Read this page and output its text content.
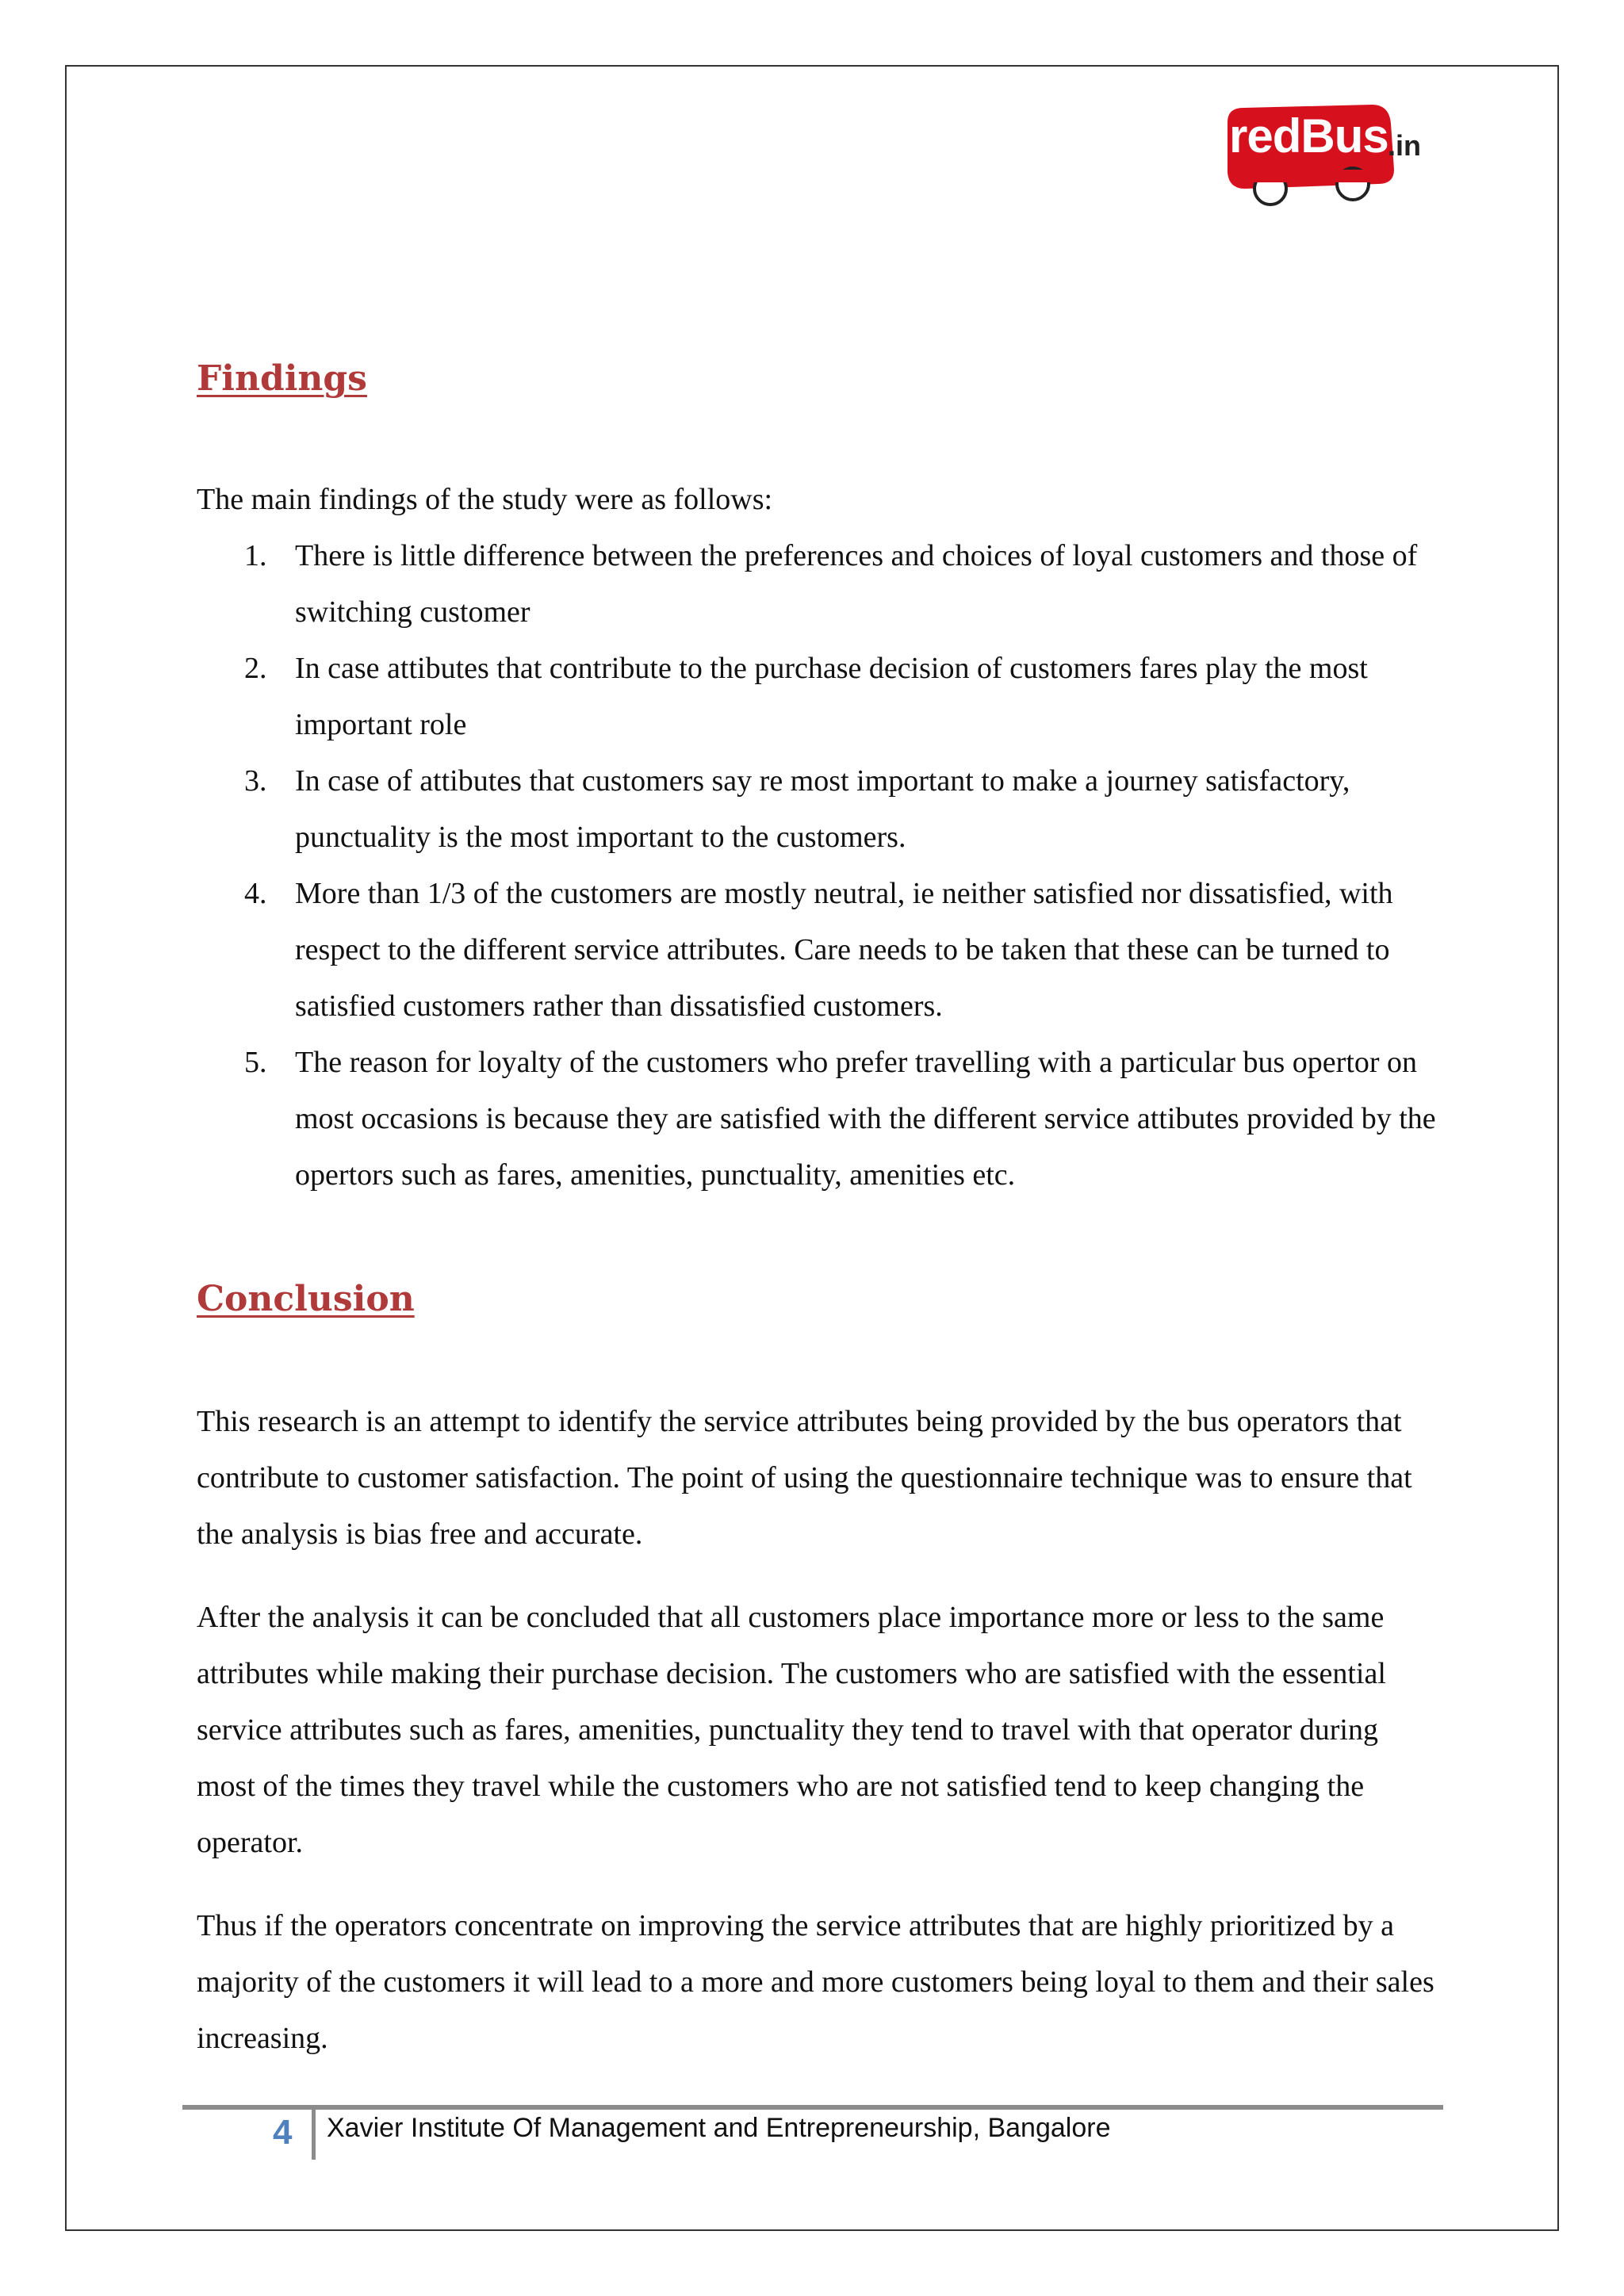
redBus .in
Findings

The main findings of the study were as follows:

1. There is little difference between the preferences and choices of loyal customers and those of switching customer
2. In case attibutes that contribute to the purchase decision of customers fares play the most important role
3. In case of attibutes that customers say re most important to make a journey satisfactory, punctuality is the most important to the customers.
4. More than 1/3 of the customers are mostly neutral, ie neither satisfied nor dissatisfied, with respect to the different service attributes. Care needs to be taken that these can be turned to satisfied customers rather than dissatisfied customers.
5. The reason for loyalty of the customers who prefer travelling with a particular bus opertor on most occasions is because they are satisfied with the different service attibutes provided by the opertors such as fares, amenities, punctuality, amenities etc.
Conclusion

This research is an attempt to identify the service attributes being provided by the bus operators that contribute to customer satisfaction. The point of using the questionnaire technique was to ensure that the analysis is bias free and accurate.

After the analysis it can be concluded that all customers place importance more or less to the same attributes while making their purchase decision. The customers who are satisfied with the essential service attributes such as fares, amenities, punctuality they tend to travel with that operator during most of the times they travel while the customers who are not satisfied tend to keep changing the operator.

Thus if the operators concentrate on improving the service attributes that are highly prioritized by a majority of the customers it will lead to a more and more customers being loyal to them and their sales increasing.

4 Xavier Institute Of Management and Entrepreneurship, Bangalore
